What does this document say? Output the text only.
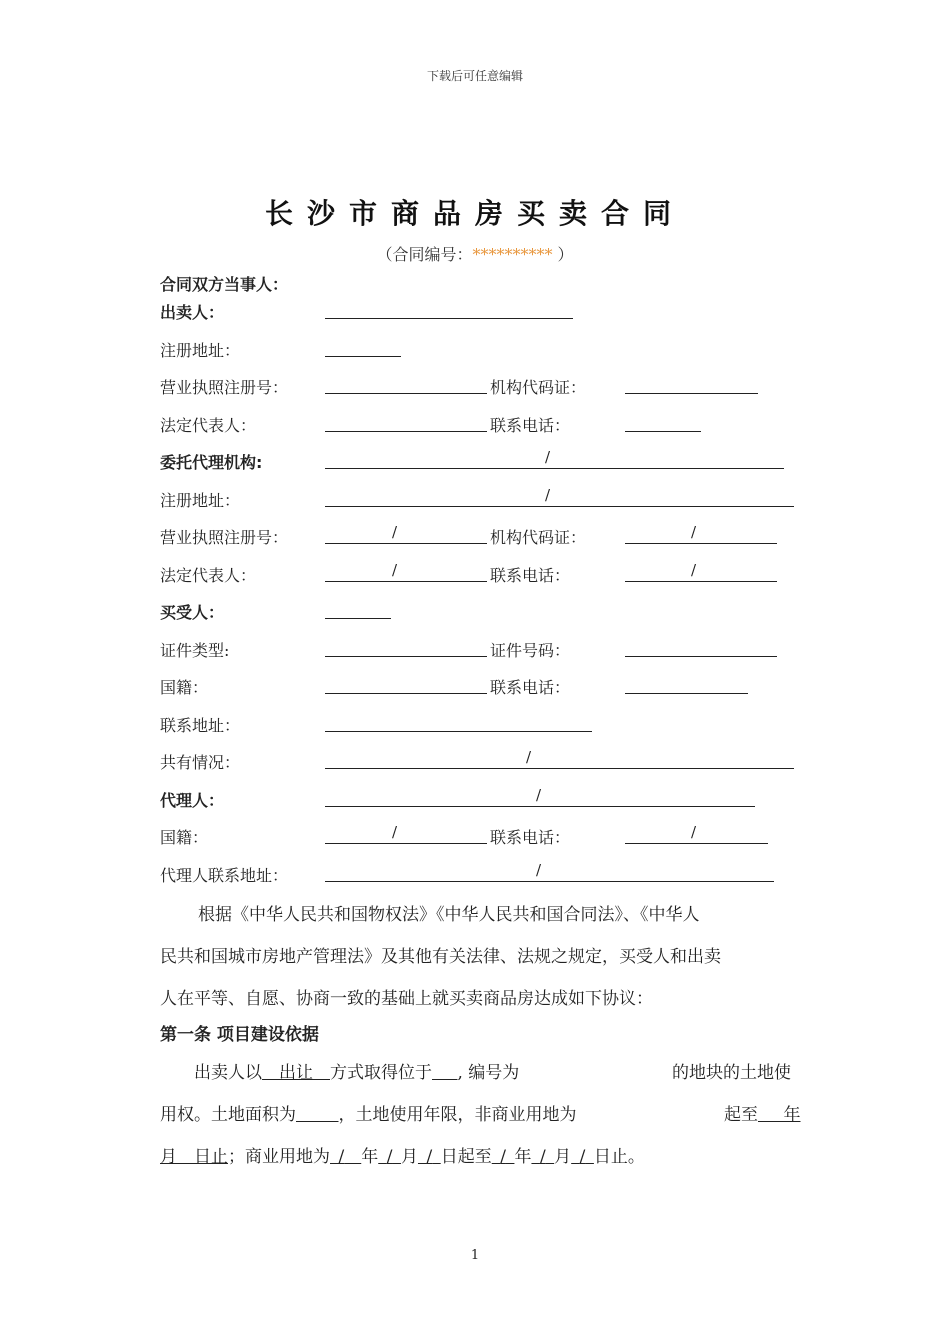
下载后可任意编辑
长沙市商品房买卖合同
（合同编号：********** ）
合同双方当事人：
出卖人：
注册地址：
营业执照注册号：	机构代码证：
法定代表人：	联系电话：
委托代理机构:	/
注册地址：	/
营业执照注册号：	/	机构代码证：	/
法定代表人：	/	联系电话：	/
买受人：
证件类型:	证件号码：
国籍：	联系电话：
联系地址：
共有情况：	/
代理人：	/
国籍：	/	联系电话：	/
代理人联系地址：	/
根据《中华人民共和国物权法》《中华人民共和国合同法》、《中华人
民共和国城市房地产管理法》及其他有关法律、法规之规定，买受人和出卖
人在平等、自愿、协商一致的基础上就买卖商品房达成如下协议：
第一条 项目建设依据
出卖人以  出让  方式取得位于   , 编号为	的地块的土地使
用权。土地面积为   	，土地使用年限，非商业用地为	起至   年
月  日止；商业用地为  /  年  /  月  /  日起至  /  年  /  月  /  日止。
1
